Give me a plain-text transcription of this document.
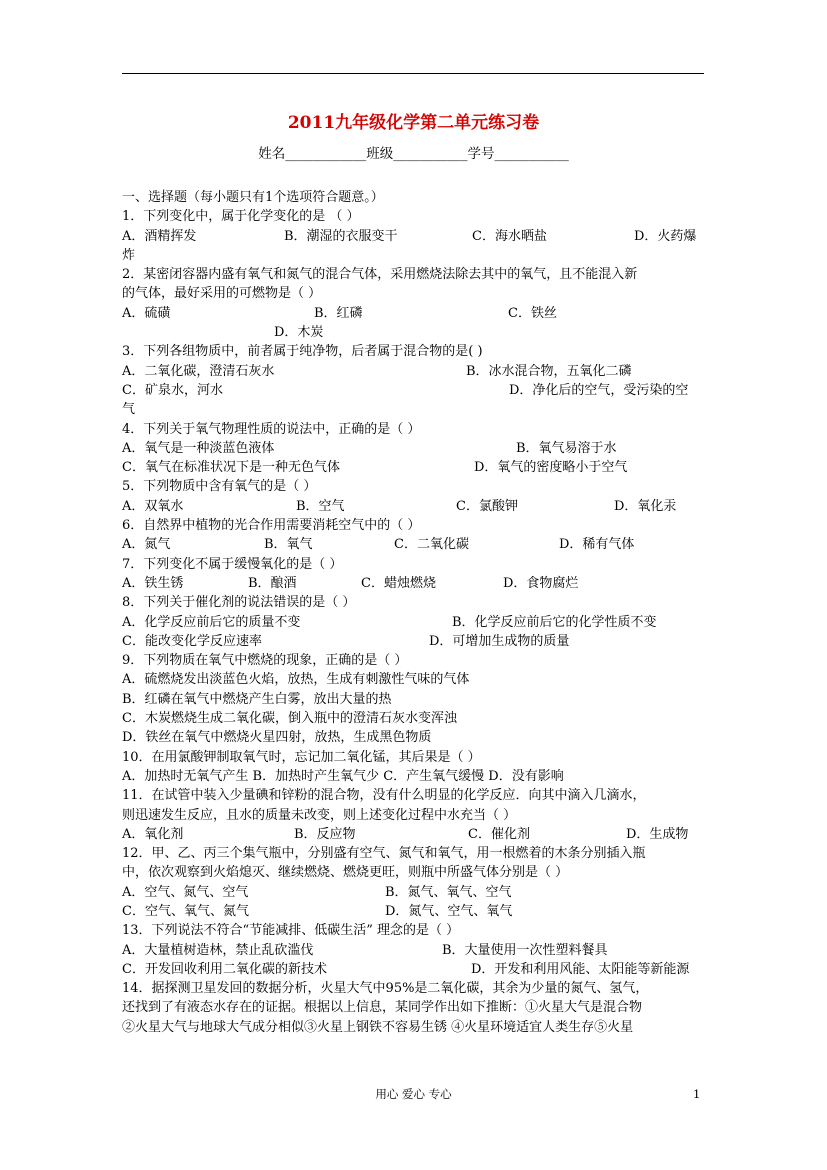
2011九年级化学第二单元练习卷
姓名____________班级___________学号___________
一、选择题（每小题只有1个选项符合题意。）
1．下列变化中，属于化学变化的是 （ ）
A．酒精挥发	B．潮湿的衣服变干	C．海水晒盐	D．火药爆
炸
2．某密闭容器内盛有氧气和氮气的混合气体，采用燃烧法除去其中的氧气，且不能混入新
的气体，最好采用的可燃物是（ ）
A．硫磺	B．红磷	C．铁丝
D．木炭
3．下列各组物质中，前者属于纯净物，后者属于混合物的是( )
A．二氧化碳，澄清石灰水	B．冰水混合物，五氧化二磷
C．矿泉水，河水	D．净化后的空气，受污染的空
气
4．下列关于氧气物理性质的说法中，正确的是（ ）
A．氧气是一种淡蓝色液体	B．氧气易溶于水
C．氧气在标准状况下是一种无色气体	D．氧气的密度略小于空气
5．下列物质中含有氧气的是（ ）
A．双氧水	B．空气	C．氯酸钾	D．氧化汞
6．自然界中植物的光合作用需要消耗空气中的（ ）
A．氮气	B．氧气	C．二氧化碳	D．稀有气体
7．下列变化不属于缓慢氧化的是（ ）
A．铁生锈	B．酿酒	C．蜡烛燃烧	D．食物腐烂
8．下列关于催化剂的说法错误的是（ ）
A．化学反应前后它的质量不变	B．化学反应前后它的化学性质不变
C．能改变化学反应速率	D．可增加生成物的质量
9．下列物质在氧气中燃烧的现象，正确的是（ ）
A．硫燃烧发出淡蓝色火焰，放热，生成有刺激性气味的气体
B．红磷在氧气中燃烧产生白雾，放出大量的热
C．木炭燃烧生成二氧化碳，倒入瓶中的澄清石灰水变浑浊
D．铁丝在氧气中燃烧火星四射，放热，生成黑色物质
10．在用氯酸钾制取氧气时，忘记加二氧化锰，其后果是（ ）
A．加热时无氧气产生 B．加热时产生氧气少 C．产生氧气缓慢 D．没有影响
11．在试管中装入少量碘和锌粉的混合物，没有什么明显的化学反应．向其中滴入几滴水，
则迅速发生反应，且水的质量未改变，则上述变化过程中水充当（ ）
A．氧化剂	B．反应物	C．催化剂	D．生成物
12．甲、乙、丙三个集气瓶中，分别盛有空气、氮气和氧气，用一根燃着的木条分别插入瓶
中，依次观察到火焰熄灭、继续燃烧、燃烧更旺，则瓶中所盛气体分别是（ ）
A．空气、氮气、空气	B．氮气、氧气、空气
C．空气、氧气、氮气	D．氮气、空气、氧气
13．下列说法不符合“节能减排、低碳生活” 理念的是（ ）
A．大量植树造林，禁止乱砍滥伐	B．大量使用一次性塑料餐具
C．开发回收利用二氧化碳的新技术	D．开发和利用风能、太阳能等新能源
14．据探测卫星发回的数据分析，火星大气中95%是二氧化碳，其余为少量的氮气、氢气，
还找到了有液态水存在的证据。根据以上信息，某同学作出如下推断：①火星大气是混合物
②火星大气与地球大气成分相似③火星上钢铁不容易生锈 ④火星环境适宜人类生存⑤火星
用心 爱心 专心	1
